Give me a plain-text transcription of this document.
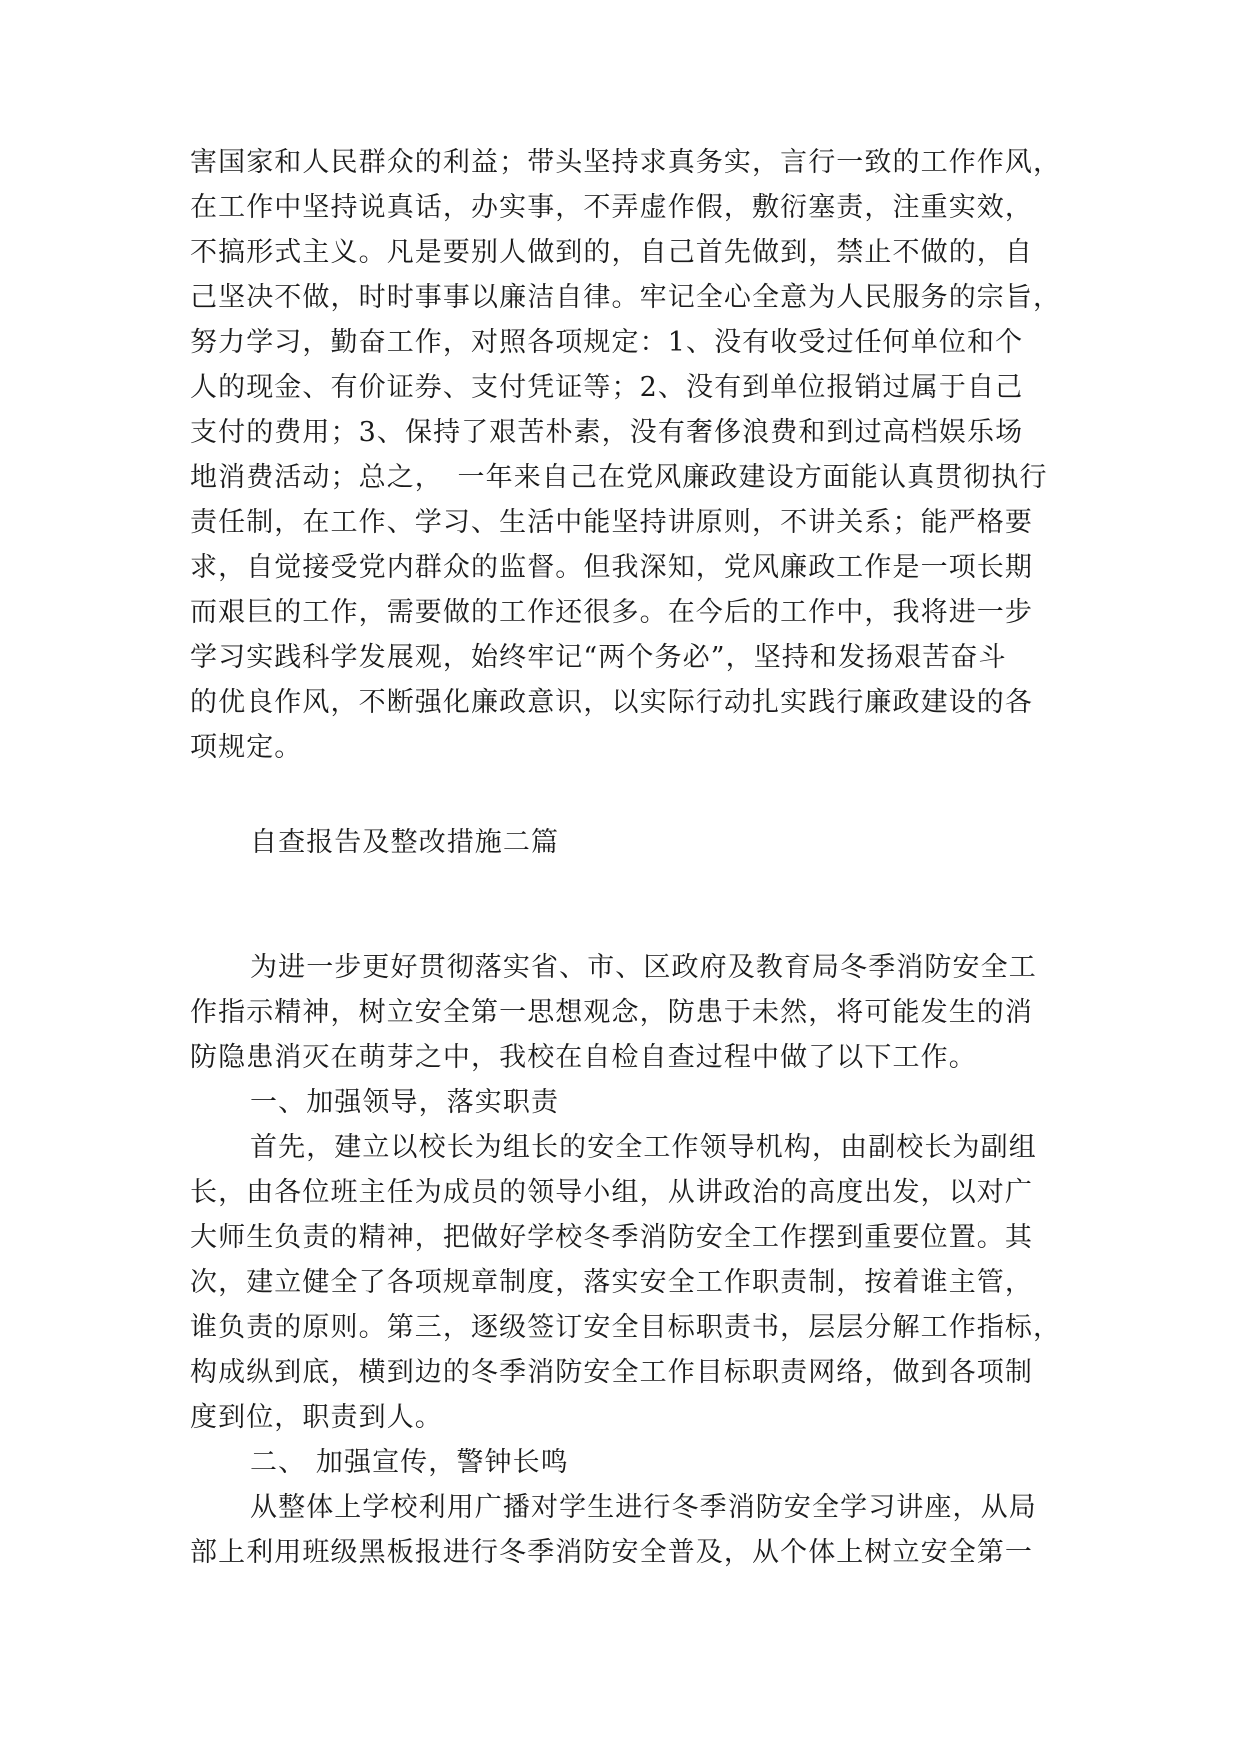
害国家和人民群众的利益；带头坚持求真务实，言行一致的工作作风，
在工作中坚持说真话，办实事，不弄虚作假，敷衍塞责，注重实效，
不搞形式主义。凡是要别人做到的，自己首先做到，禁止不做的，自
己坚决不做，时时事事以廉洁自律。牢记全心全意为人民服务的宗旨，
努力学习，勤奋工作，对照各项规定：1、没有收受过任何单位和个
人的现金、有价证券、支付凭证等；2、没有到单位报销过属于自己
支付的费用；3、保持了艰苦朴素，没有奢侈浪费和到过高档娱乐场
地消费活动；总之，　一年来自己在党风廉政建设方面能认真贯彻执行
责任制，在工作、学习、生活中能坚持讲原则，不讲关系；能严格要
求，自觉接受党内群众的监督。但我深知，党风廉政工作是一项长期
而艰巨的工作，需要做的工作还很多。在今后的工作中，我将进一步
学习实践科学发展观，始终牢记“两个务必”，坚持和发扬艰苦奋斗
的优良作风，不断强化廉政意识，以实际行动扎实践行廉政建设的各
项规定。
自查报告及整改措施二篇
为进一步更好贯彻落实省、市、区政府及教育局冬季消防安全工
作指示精神，树立安全第一思想观念，防患于未然，将可能发生的消
防隐患消灭在萌芽之中，我校在自检自查过程中做了以下工作。
一、加强领导，落实职责
首先，建立以校长为组长的安全工作领导机构，由副校长为副组
长，由各位班主任为成员的领导小组，从讲政治的高度出发，以对广
大师生负责的精神，把做好学校冬季消防安全工作摆到重要位置。其
次，建立健全了各项规章制度，落实安全工作职责制，按着谁主管，
谁负责的原则。第三，逐级签订安全目标职责书，层层分解工作指标，
构成纵到底，横到边的冬季消防安全工作目标职责网络，做到各项制
度到位，职责到人。
二、 加强宣传，警钟长鸣
从整体上学校利用广播对学生进行冬季消防安全学习讲座，从局
部上利用班级黑板报进行冬季消防安全普及，从个体上树立安全第一
